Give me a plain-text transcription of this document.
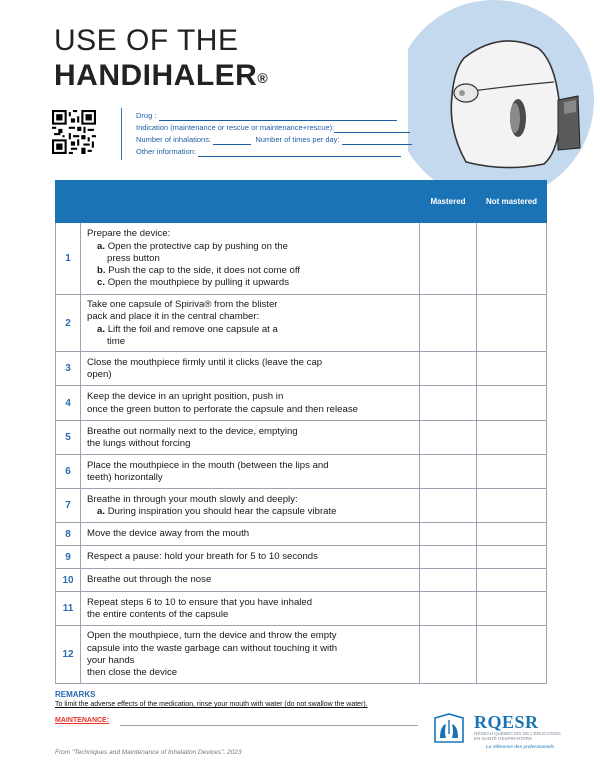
USE OF THE
HANDIHALER®
Drug :
Indication (maintenance or rescue or maintenance+rescue):
Number of inhalations:	Number of times per day:
Other information:
		Mastered	Not mastered
1	Prepare the device:
a. Open the protective cap by pushing on the
press button
b. Push the cap to the side, it does not come off
c. Open the mouthpiece by pulling it upwards		

2	Take one capsule of Spiriva® from the blister
pack and place it in the central chamber:
a. Lift the foil and remove one capsule at a
time		

3	Close the mouthpiece firmly until it clicks (leave the cap
open)		

4	Keep the device in an upright position, push in
once the green button to perforate the capsule and then release		

5	Breathe out normally next to the device, emptying
the lungs without forcing		

6	Place the mouthpiece in the mouth (between the lips and
teeth) horizontally		

7	Breathe in through your mouth slowly and deeply:
a. During inspiration you should hear the capsule vibrate		

8	Move the device away from the mouth		
9	Respect a pause: hold your breath for 5 to 10 seconds		
10	Breathe out through the nose		
11	Repeat steps 6 to 10 to ensure that you have inhaled
the entire contents of the capsule		

12	Open the mouthpiece, turn the device and throw the empty
capsule into the waste garbage can without touching it with
your hands
then close the device		

REMARKS
To limit the adverse effects of the medication, rinse your mouth with water (do not swallow the water).
MAINTENANCE:
From "Techniques and Maintenance of Inhalation Devices", 2023
RQESR
RÉSEAU QUÉBÉCOIS DE L'ÉDUCATION
EN SANTÉ RESPIRATOIRE
La référence des professionnels
